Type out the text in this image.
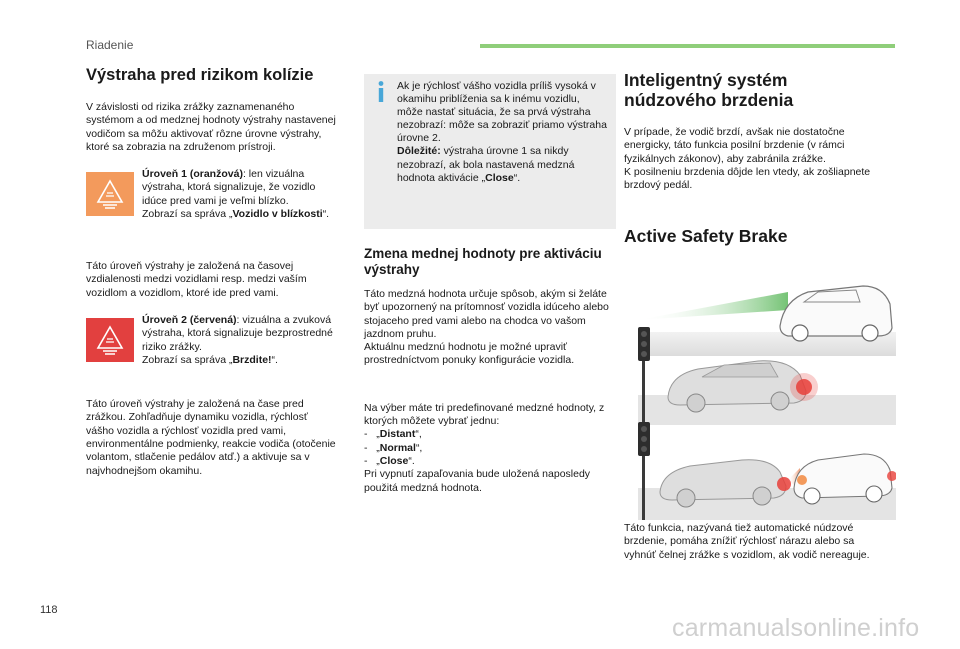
Riadenie
Výstraha pred rizikom kolízie
V závislosti od rizika zrážky zaznamenaného systémom a od medznej hodnoty výstrahy nastavenej vodičom sa môžu aktivovať rôzne úrovne výstrahy, ktoré sa zobrazia na združenom prístroji.
Úroveň 1 (oranžová): len vizuálna výstraha, ktorá signalizuje, že vozidlo idúce pred vami je veľmi blízko.
Zobrazí sa správa „Vozidlo v blízkosti“.
Táto úroveň výstrahy je založená na časovej vzdialenosti medzi vozidlami resp. medzi vaším vozidlom a vozidlom, ktoré ide pred vami.
Úroveň 2 (červená): vizuálna a zvuková výstraha, ktorá signalizuje bezprostredné riziko zrážky.
Zobrazí sa správa „Brzdite!“.
Táto úroveň výstrahy je založená na čase pred zrážkou. Zohľadňuje dynamiku vozidla, rýchlosť vášho vozidla a rýchlosť vozidla pred vami, environmentálne podmienky, reakcie vodiča (otočenie volantom, stlačenie pedálov atď.) a aktivuje sa v najvhodnejšom okamihu.
Ak je rýchlosť vášho vozidla príliš vysoká v okamihu priblíženia sa k inému vozidlu, môže nastať situácia, že sa prvá výstraha nezobrazí: môže sa zobraziť priamo výstraha úrovne 2.
Dôležité: výstraha úrovne 1 sa nikdy nezobrazí, ak bola nastavená medzná hodnota aktivácie „Close“.
Zmena mednej hodnoty pre aktiváciu výstrahy
Táto medzná hodnota určuje spôsob, akým si želáte byť upozornený na prítomnosť vozidla idúceho alebo stojaceho pred vami alebo na chodca vo vašom jazdnom pruhu.
Aktuálnu medznú hodnotu je možné upraviť prostredníctvom ponuky konfigurácie vozidla.
Na výber máte tri predefinované medzné hodnoty, z ktorých môžete vybrať jednu:
-   „Distant“,
-   „Normal“,
-   „Close“.
Pri vypnutí zapaľovania bude uložená naposledy použitá medzná hodnota.
Inteligentný systém núdzového brzdenia
V prípade, že vodič brzdí, avšak nie dostatočne energicky, táto funkcia posilní brzdenie (v rámci fyzikálnych zákonov), aby zabránila zrážke.
K posilneniu brzdenia dôjde len vtedy, ak zošliapnete brzdový pedál.
Active Safety Brake
Táto funkcia, nazývaná tiež automatické núdzové brzdenie, pomáha znížiť rýchlosť nárazu alebo sa vyhnúť čelnej zrážke s vozidlom, ak vodič nereaguje.
118
carmanualsonline.info
